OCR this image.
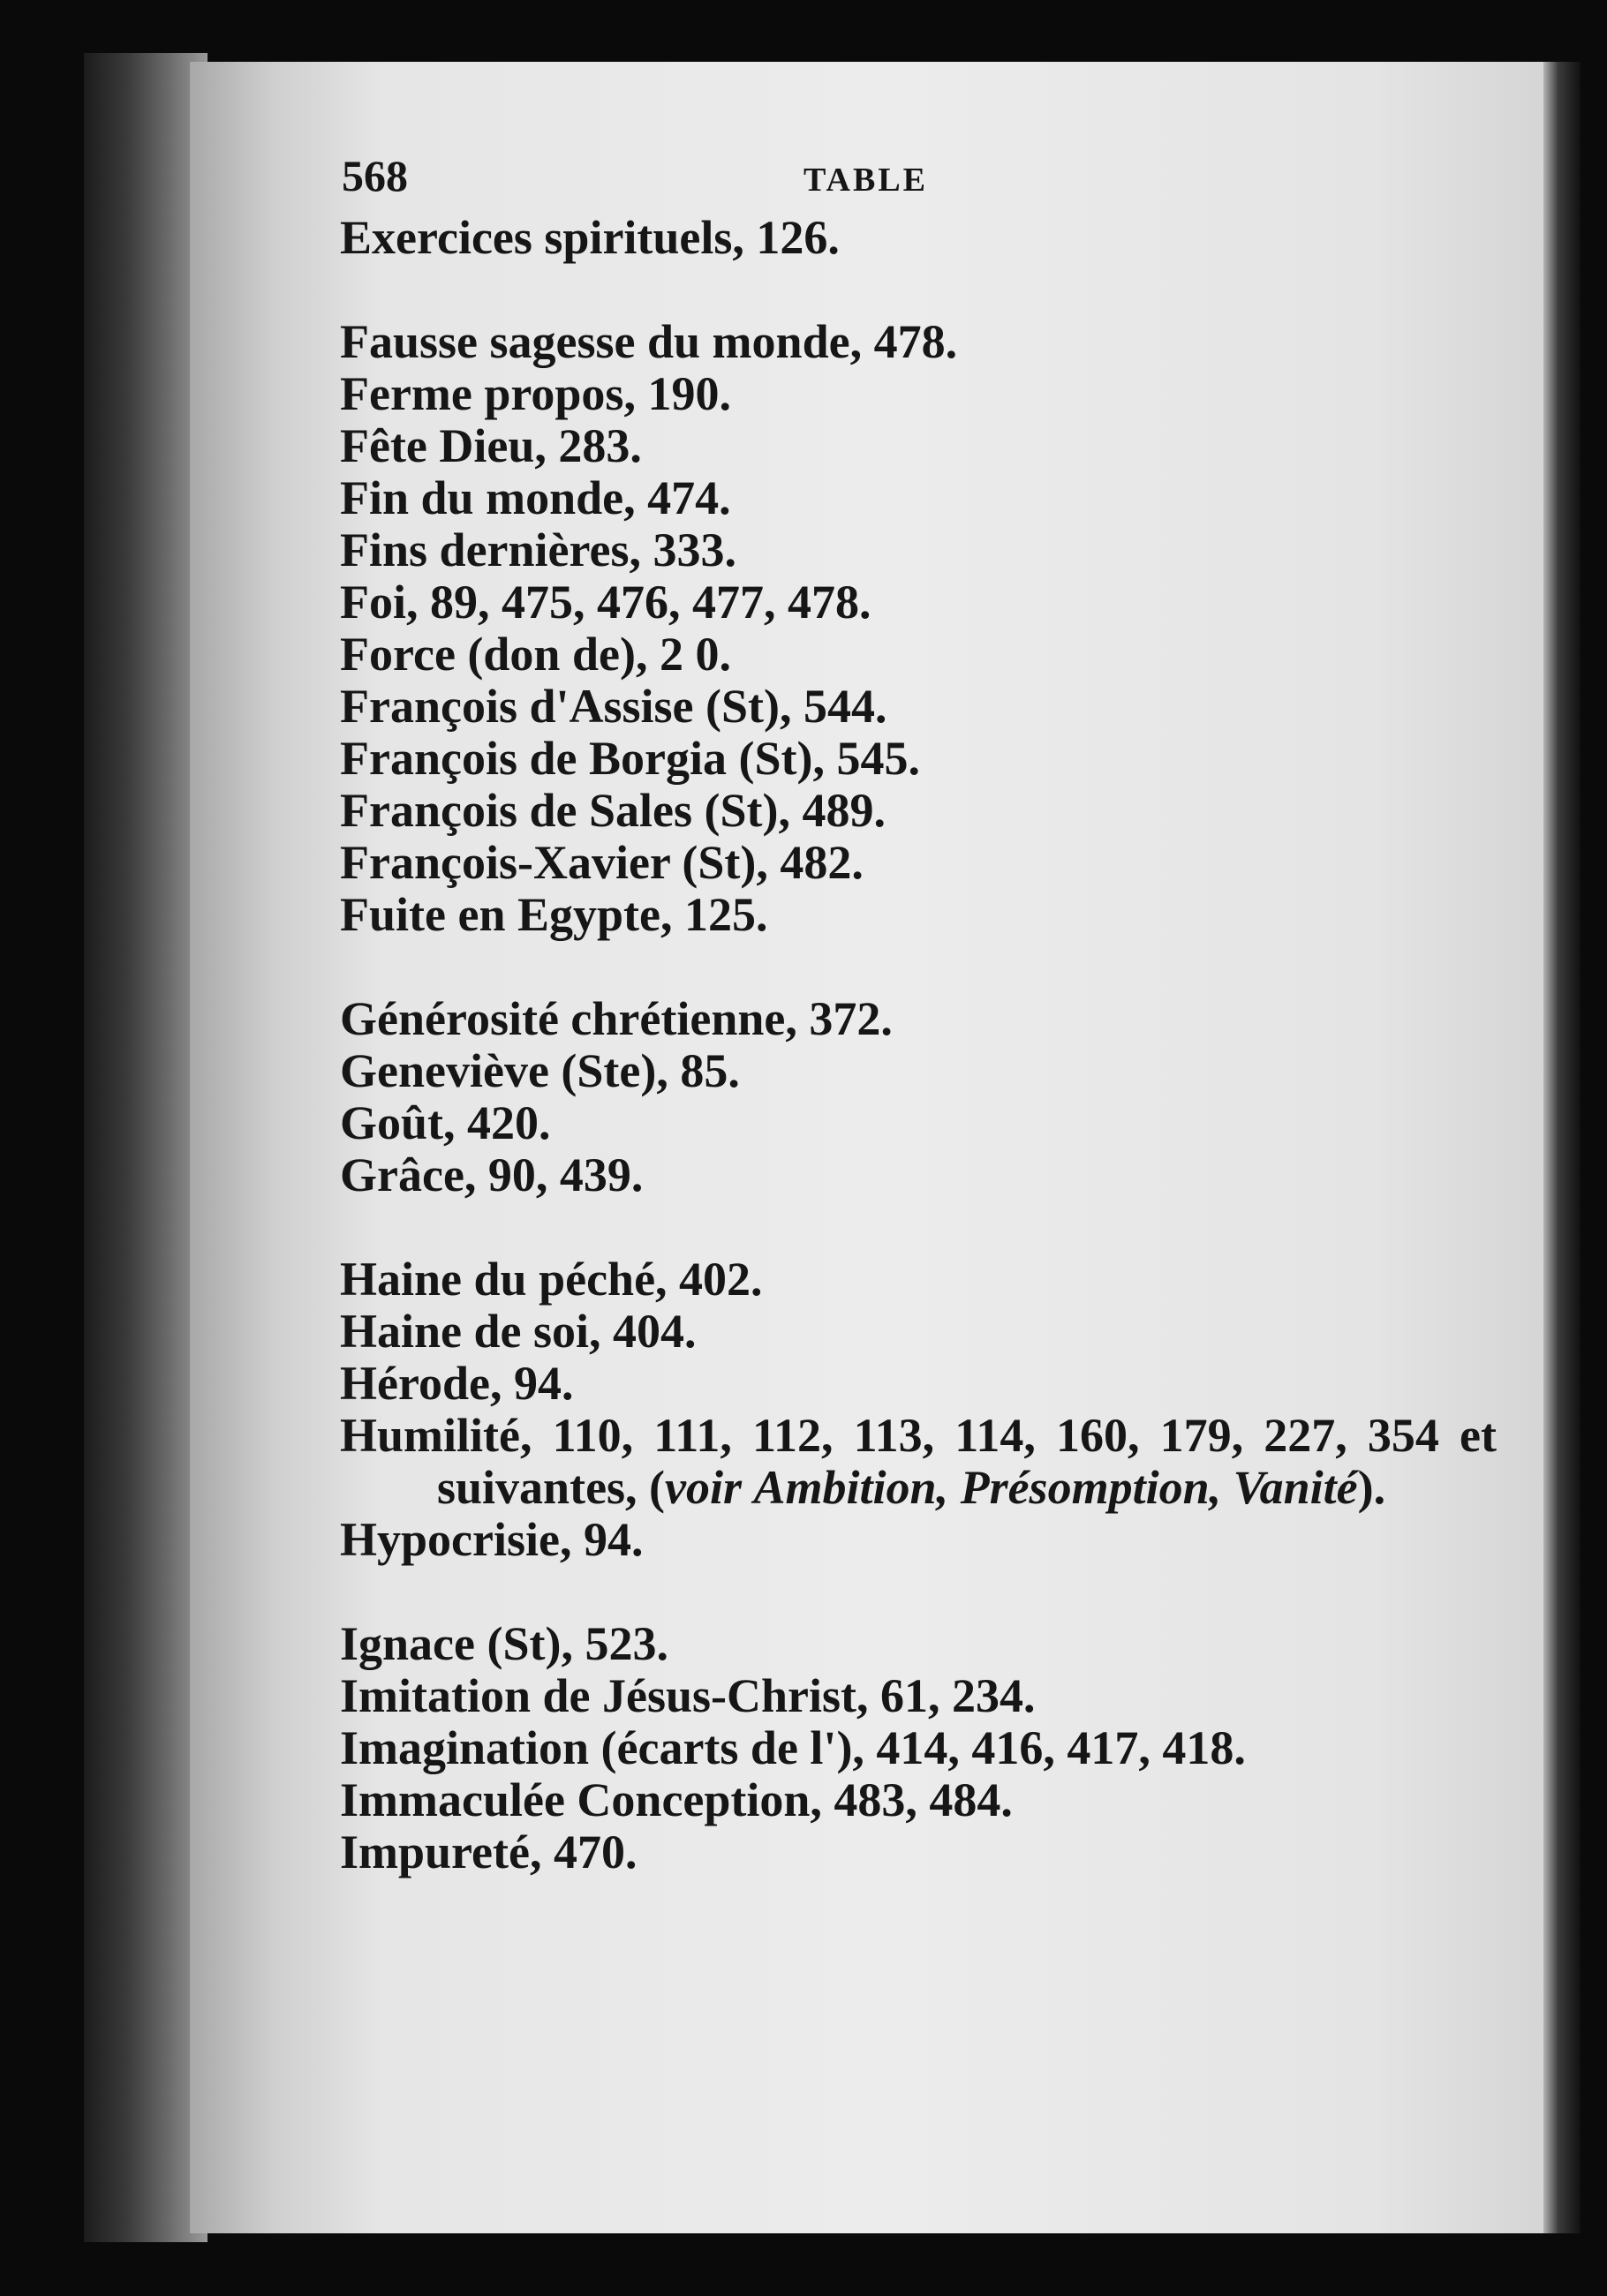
568	TABLE
Exercices spirituels, 126.
Fausse sagesse du monde, 478.
Ferme propos, 190.
Fête Dieu, 283.
Fin du monde, 474.
Fins dernières, 333.
Foi, 89, 475, 476, 477, 478.
Force (don de), 2 0.
François d'Assise (St), 544.
François de Borgia (St), 545.
François de Sales (St), 489.
François-Xavier (St), 482.
Fuite en Egypte, 125.
Générosité chrétienne, 372.
Geneviève (Ste), 85.
Goût, 420.
Grâce, 90, 439.
Haine du péché, 402.
Haine de soi, 404.
Hérode, 94.
Humilité, 110, 111, 112, 113, 114, 160, 179, 227, 354 et suivantes, (voir Ambition, Présomption, Vanité).
Hypocrisie, 94.
Ignace (St), 523.
Imitation de Jésus-Christ, 61, 234.
Imagination (écarts de l'), 414, 416, 417, 418.
Immaculée Conception, 483, 484.
Impureté, 470.
